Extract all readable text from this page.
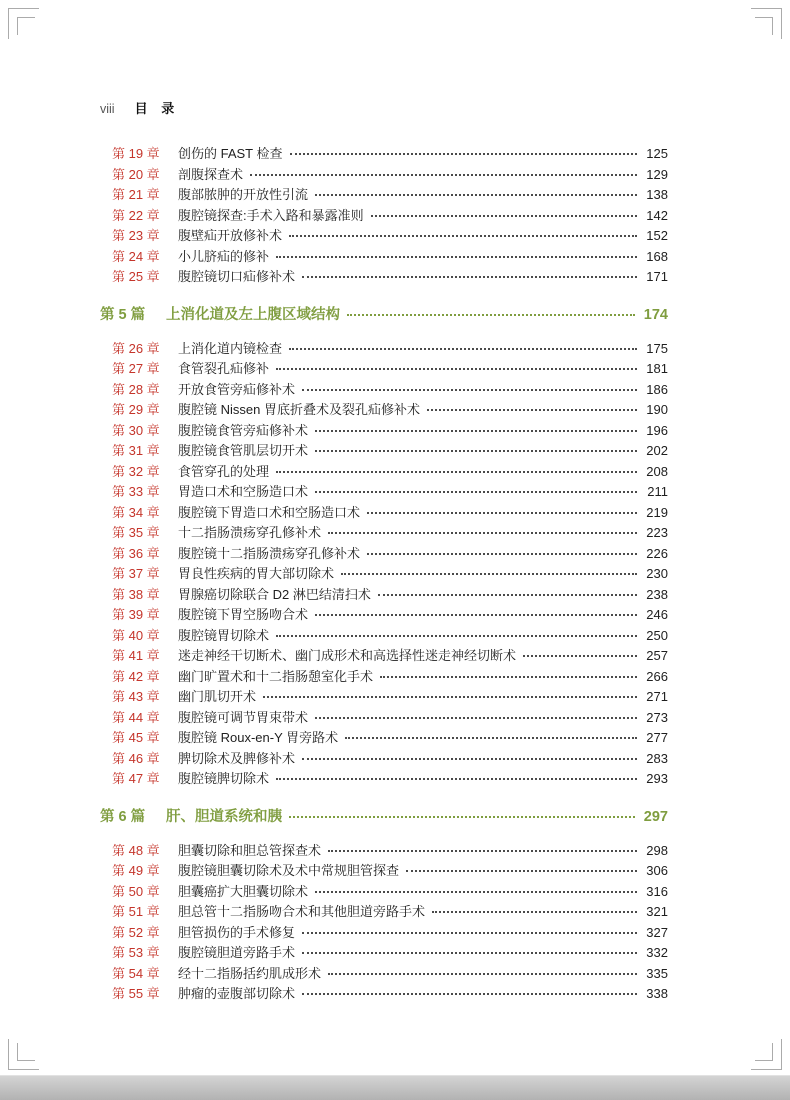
viii 目 录
第 19 章	创伤的 FAST 检查	125
第 20 章	剖腹探查术	129
第 21 章	腹部脓肿的开放性引流	138
第 22 章	腹腔镜探查:手术入路和暴露准则	142
第 23 章	腹壁疝开放修补术	152
第 24 章	小儿脐疝的修补	168
第 25 章	腹腔镜切口疝修补术	171
第 5 篇	上消化道及左上腹区域结构	174
第 26 章	上消化道内镜检查	175
第 27 章	食管裂孔疝修补	181
第 28 章	开放食管旁疝修补术	186
第 29 章	腹腔镜 Nissen 胃底折叠术及裂孔疝修补术	190
第 30 章	腹腔镜食管旁疝修补术	196
第 31 章	腹腔镜食管肌层切开术	202
第 32 章	食管穿孔的处理	208
第 33 章	胃造口术和空肠造口术	211
第 34 章	腹腔镜下胃造口术和空肠造口术	219
第 35 章	十二指肠溃疡穿孔修补术	223
第 36 章	腹腔镜十二指肠溃疡穿孔修补术	226
第 37 章	胃良性疾病的胃大部切除术	230
第 38 章	胃腺癌切除联合 D2 淋巴结清扫术	238
第 39 章	腹腔镜下胃空肠吻合术	246
第 40 章	腹腔镜胃切除术	250
第 41 章	迷走神经干切断术、幽门成形术和高选择性迷走神经切断术	257
第 42 章	幽门旷置术和十二指肠憩室化手术	266
第 43 章	幽门肌切开术	271
第 44 章	腹腔镜可调节胃束带术	273
第 45 章	腹腔镜 Roux-en-Y 胃旁路术	277
第 46 章	脾切除术及脾修补术	283
第 47 章	腹腔镜脾切除术	293
第 6 篇	肝、胆道系统和胰	297
第 48 章	胆囊切除和胆总管探查术	298
第 49 章	腹腔镜胆囊切除术及术中常规胆管探查	306
第 50 章	胆囊癌扩大胆囊切除术	316
第 51 章	胆总管十二指肠吻合术和其他胆道旁路手术	321
第 52 章	胆管损伤的手术修复	327
第 53 章	腹腔镜胆道旁路手术	332
第 54 章	经十二指肠括约肌成形术	335
第 55 章	肿瘤的壶腹部切除术	338
